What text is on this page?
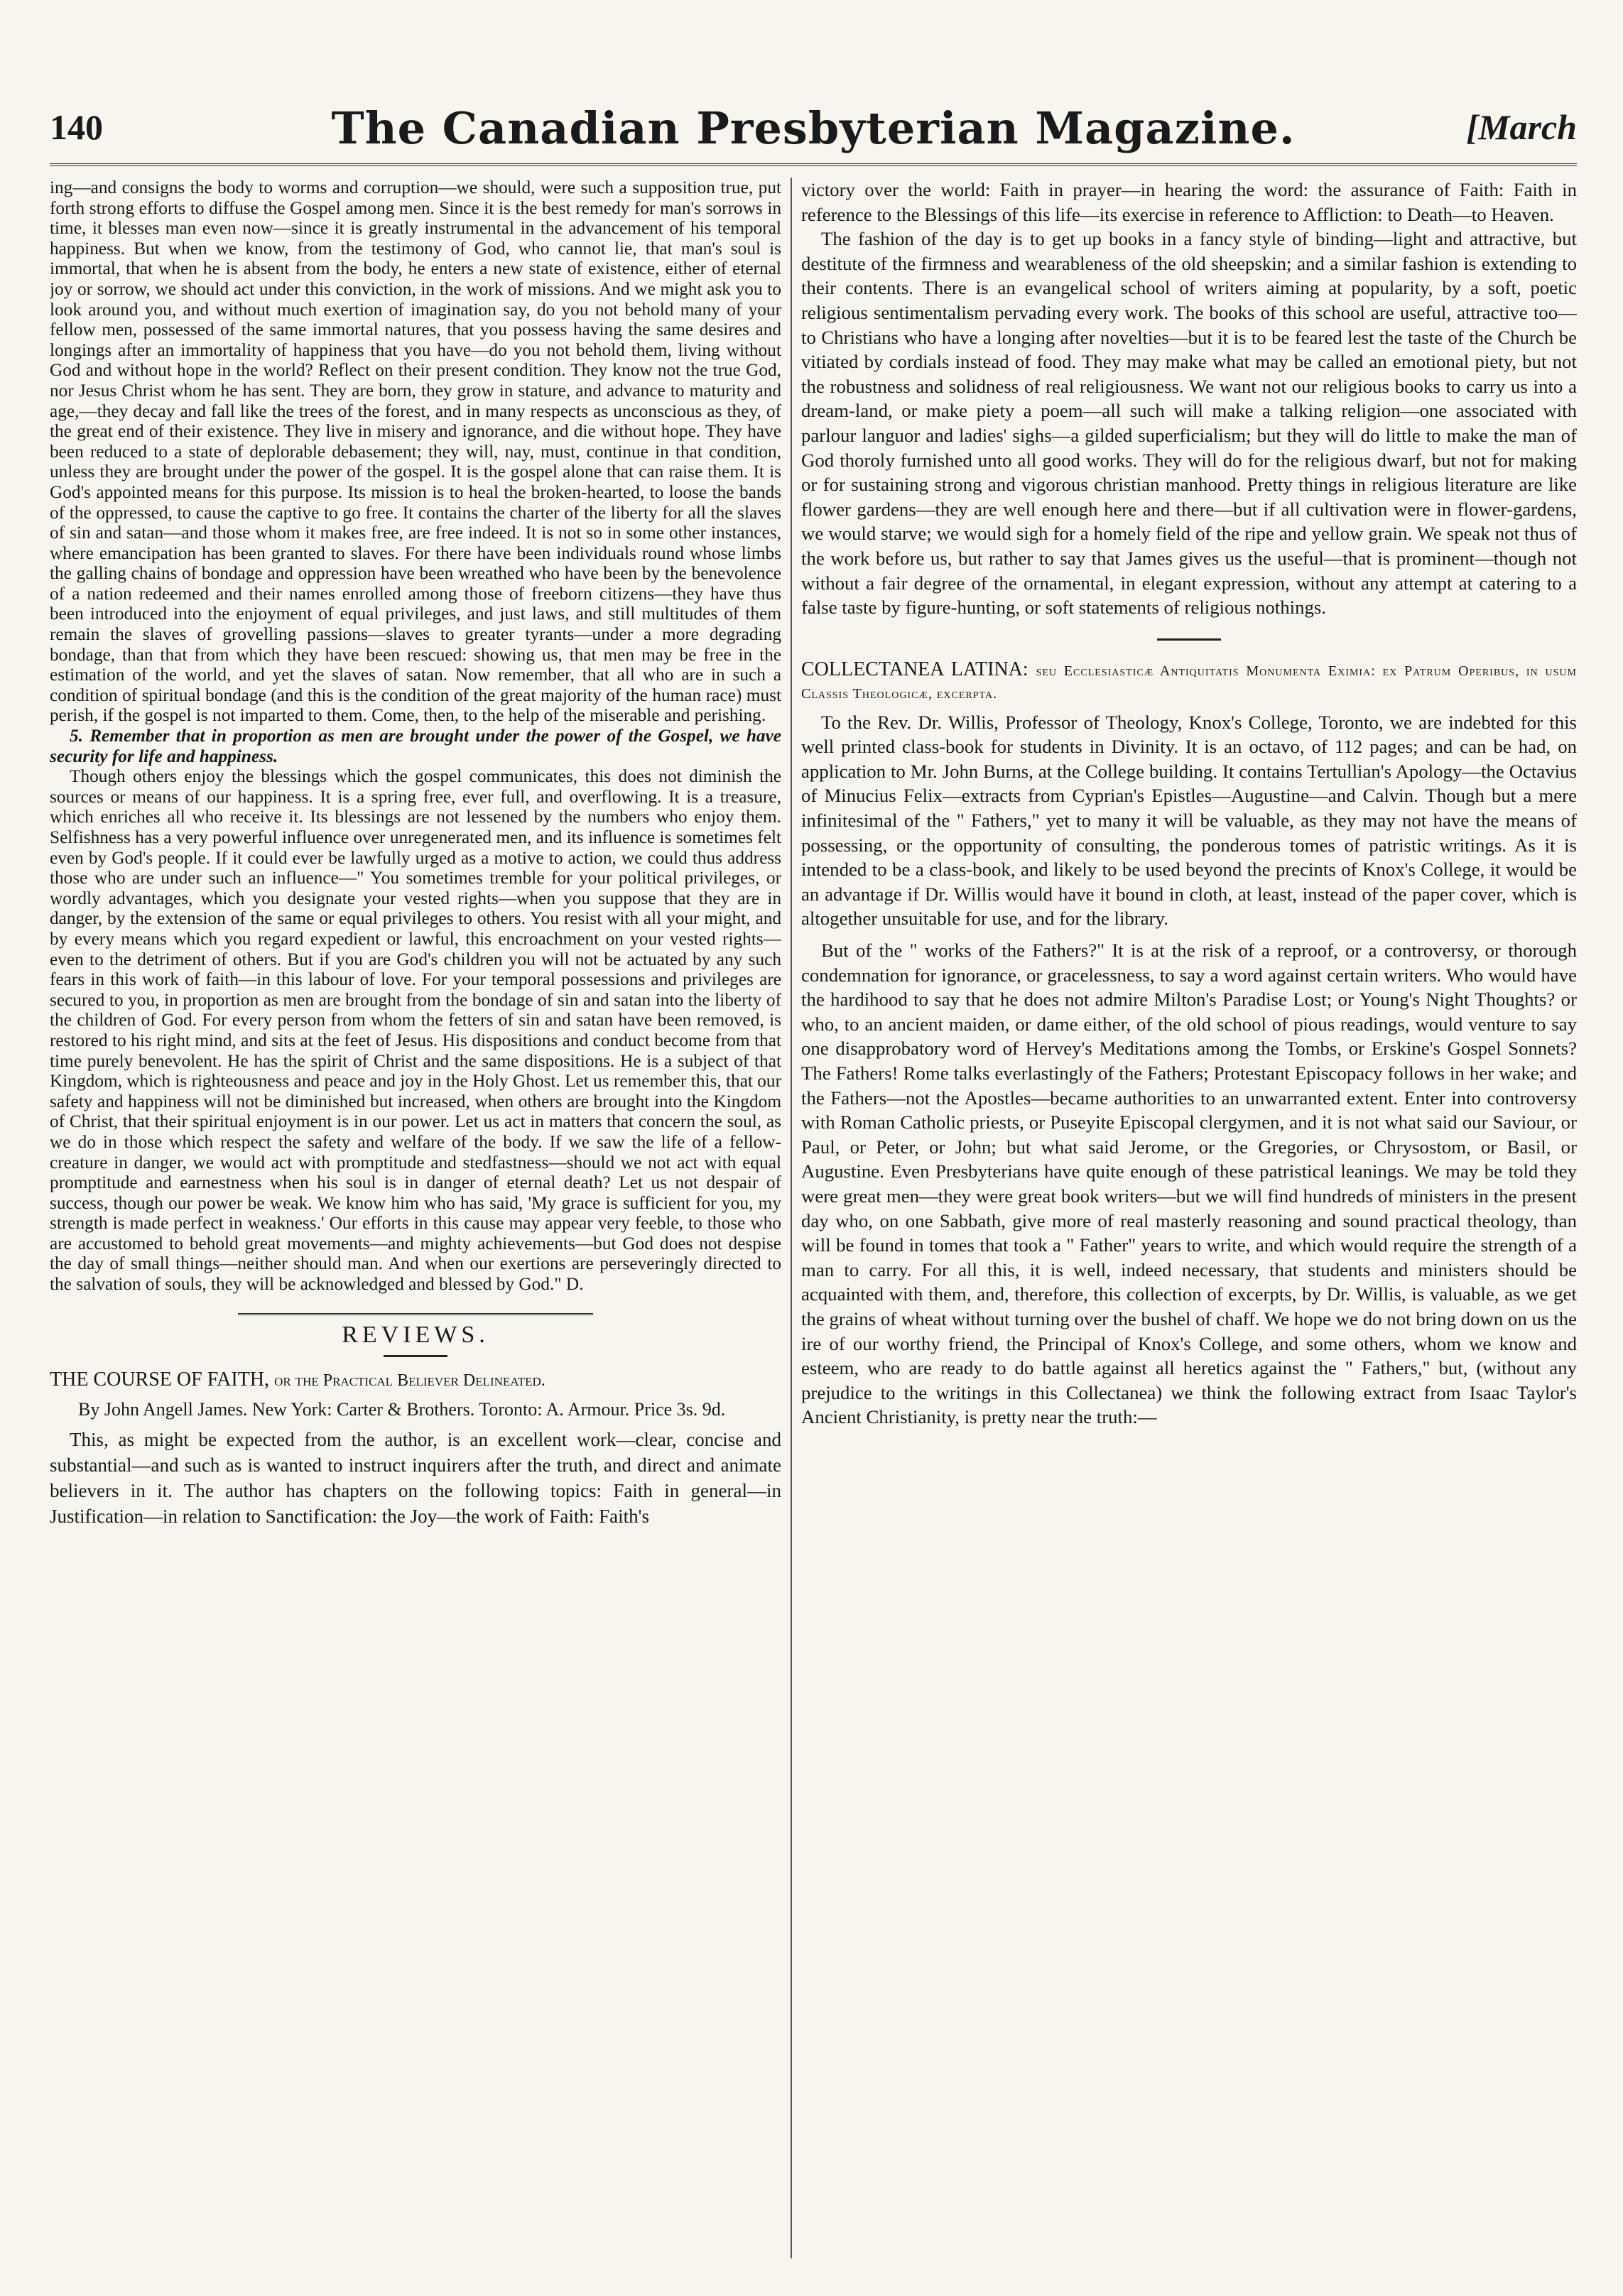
140	The Canadian Presbyterian Magazine.	[March

ing—and consigns the body to worms and corruption—we should, were such a supposition true, put forth strong efforts to diffuse the Gospel among men. Since it is the best remedy for man's sorrows in time, it blesses man even now—since it is greatly instrumental in the advancement of his temporal happiness. But when we know, from the testimony of God, who cannot lie, that man's soul is immortal, that when he is absent from the body, he enters a new state of existence, either of eternal joy or sorrow, we should act under this conviction, in the work of missions. And we might ask you to look around you, and without much exertion of imagination say, do you not behold many of your fellow men, possessed of the same immortal natures, that you possess having the same desires and longings after an immortality of happiness that you have—do you not behold them, living without God and without hope in the world? Reflect on their present condition. They know not the true God, nor Jesus Christ whom he has sent. They are born, they grow in stature, and advance to maturity and age,—they decay and fall like the trees of the forest, and in many respects as unconscious as they, of the great end of their existence. They live in misery and ignorance, and die without hope. They have been reduced to a state of deplorable debasement; they will, nay, must, continue in that condition, unless they are brought under the power of the gospel. It is the gospel alone that can raise them. It is God's appointed means for this purpose. Its mission is to heal the broken-hearted, to loose the bands of the oppressed, to cause the captive to go free. It contains the charter of the liberty for all the slaves of sin and satan—and those whom it makes free, are free indeed. It is not so in some other instances, where emancipation has been granted to slaves. For there have been individuals round whose limbs the galling chains of bondage and oppression have been wreathed who have been by the benevolence of a nation redeemed and their names enrolled among those of freeborn citizens—they have thus been introduced into the enjoyment of equal privileges, and just laws, and still multitudes of them remain the slaves of grovelling passions—slaves to greater tyrants—under a more degrading bondage, than that from which they have been rescued: showing us, that men may be free in the estimation of the world, and yet the slaves of satan. Now remember, that all who are in such a condition of spiritual bondage (and this is the condition of the great majority of the human race) must perish, if the gospel is not imparted to them. Come, then, to the help of the miserable and perishing.

5. Remember that in proportion as men are brought under the power of the Gospel, we have security for life and happiness.

Though others enjoy the blessings which the gospel communicates, this does not diminish the sources or means of our happiness. It is a spring free, ever full, and overflowing. It is a treasure, which enriches all who receive it. Its blessings are not lessened by the numbers who enjoy them. Selfishness has a very powerful influence over unregenerated men, and its influence is sometimes felt even by God's people. If it could ever be lawfully urged as a motive to action, we could thus address those who are under such an influence—" You sometimes tremble for your political privileges, or wordly advantages, which you designate your vested rights—when you suppose that they are in danger, by the extension of the same or equal privileges to others. You resist with all your might, and by every means which you regard expedient or lawful, this encroachment on your vested rights—even to the detriment of others. But if you are God's children you will not be actuated by any such fears in this work of faith—in this labour of love. For your temporal possessions and privileges are secured to you, in proportion as men are brought from the bondage of sin and satan into the liberty of the children of God. For every person from whom the fetters of sin and satan have been removed, is restored to his right mind, and sits at the feet of Jesus. His dispositions and conduct become from that time purely benevolent. He has the spirit of Christ and the same dispositions. He is a subject of that Kingdom, which is righteousness and peace and joy in the Holy Ghost. Let us remember this, that our safety and happiness will not be diminished but increased, when others are brought into the Kingdom of Christ, that their spiritual enjoyment is in our power. Let us act in matters that concern the soul, as we do in those which respect the safety and welfare of the body. If we saw the life of a fellow-creature in danger, we would act with promptitude and stedfastness—should we not act with equal promptitude and earnestness when his soul is in danger of eternal death? Let us not despair of success, though our power be weak. We know him who has said, 'My grace is sufficient for you, my strength is made perfect in weakness.' Our efforts in this cause may appear very feeble, to those who are accustomed to behold great movements—and mighty achievements—but God does not despise the day of small things—neither should man. And when our exertions are perseveringly directed to the salvation of souls, they will be acknowledged and blessed by God." D.

REVIEWS.
THE COURSE OF FAITH, or the Practical Believer Delineated.

By John Angell James. New York: Carter & Brothers. Toronto: A. Armour. Price 3s. 9d.

This, as might be expected from the author, is an excellent work—clear, concise and substantial—and such as is wanted to instruct inquirers after the truth, and direct and animate believers in it. The author has chapters on the following topics: Faith in general—in Justification—in relation to Sanctification: the Joy—the work of Faith: Faith's

victory over the world: Faith in prayer—in hearing the word: the assurance of Faith: Faith in reference to the Blessings of this life—its exercise in reference to Affliction: to Death—to Heaven.

The fashion of the day is to get up books in a fancy style of binding—light and attractive, but destitute of the firmness and wearableness of the old sheepskin; and a similar fashion is extending to their contents. There is an evangelical school of writers aiming at popularity, by a soft, poetic religious sentimentalism pervading every work. The books of this school are useful, attractive too—to Christians who have a longing after novelties—but it is to be feared lest the taste of the Church be vitiated by cordials instead of food. They may make what may be called an emotional piety, but not the robustness and solidness of real religiousness. We want not our religious books to carry us into a dream-land, or make piety a poem—all such will make a talking religion—one associated with parlour languor and ladies' sighs—a gilded superficialism; but they will do little to make the man of God thoroly furnished unto all good works. They will do for the religious dwarf, but not for making or for sustaining strong and vigorous christian manhood. Pretty things in religious literature are like flower gardens—they are well enough here and there—but if all cultivation were in flower-gardens, we would starve; we would sigh for a homely field of the ripe and yellow grain. We speak not thus of the work before us, but rather to say that James gives us the useful—that is prominent—though not without a fair degree of the ornamental, in elegant expression, without any attempt at catering to a false taste by figure-hunting, or soft statements of religious nothings.

COLLECTANEA LATINA: seu Ecclesiasticæ Antiquitatis Monumenta Eximia: ex Patrum Operibus, in usum Classis Theologicæ, excerpta.

To the Rev. Dr. Willis, Professor of Theology, Knox's College, Toronto, we are indebted for this well printed class-book for students in Divinity. It is an octavo, of 112 pages; and can be had, on application to Mr. John Burns, at the College building. It contains Tertullian's Apology—the Octavius of Minucius Felix—extracts from Cyprian's Epistles—Augustine—and Calvin. Though but a mere infinitesimal of the " Fathers," yet to many it will be valuable, as they may not have the means of possessing, or the opportunity of consulting, the ponderous tomes of patristic writings. As it is intended to be a class-book, and likely to be used beyond the precints of Knox's College, it would be an advantage if Dr. Willis would have it bound in cloth, at least, instead of the paper cover, which is altogether unsuitable for use, and for the library.

But of the " works of the Fathers?" It is at the risk of a reproof, or a controversy, or thorough condemnation for ignorance, or gracelessness, to say a word against certain writers. Who would have the hardihood to say that he does not admire Milton's Paradise Lost; or Young's Night Thoughts? or who, to an ancient maiden, or dame either, of the old school of pious readings, would venture to say one disapprobatory word of Hervey's Meditations among the Tombs, or Erskine's Gospel Sonnets? The Fathers! Rome talks everlastingly of the Fathers; Protestant Episcopacy follows in her wake; and the Fathers—not the Apostles—became authorities to an unwarranted extent. Enter into controversy with Roman Catholic priests, or Puseyite Episcopal clergymen, and it is not what said our Saviour, or Paul, or Peter, or John; but what said Jerome, or the Gregories, or Chrysostom, or Basil, or Augustine. Even Presbyterians have quite enough of these patristical leanings. We may be told they were great men—they were great book writers—but we will find hundreds of ministers in the present day who, on one Sabbath, give more of real masterly reasoning and sound practical theology, than will be found in tomes that took a " Father" years to write, and which would require the strength of a man to carry. For all this, it is well, indeed necessary, that students and ministers should be acquainted with them, and, therefore, this collection of excerpts, by Dr. Willis, is valuable, as we get the grains of wheat without turning over the bushel of chaff. We hope we do not bring down on us the ire of our worthy friend, the Principal of Knox's College, and some others, whom we know and esteem, who are ready to do battle against all heretics against the " Fathers," but, (without any prejudice to the writings in this Collectanea) we think the following extract from Isaac Taylor's Ancient Christianity, is pretty near the truth:—
